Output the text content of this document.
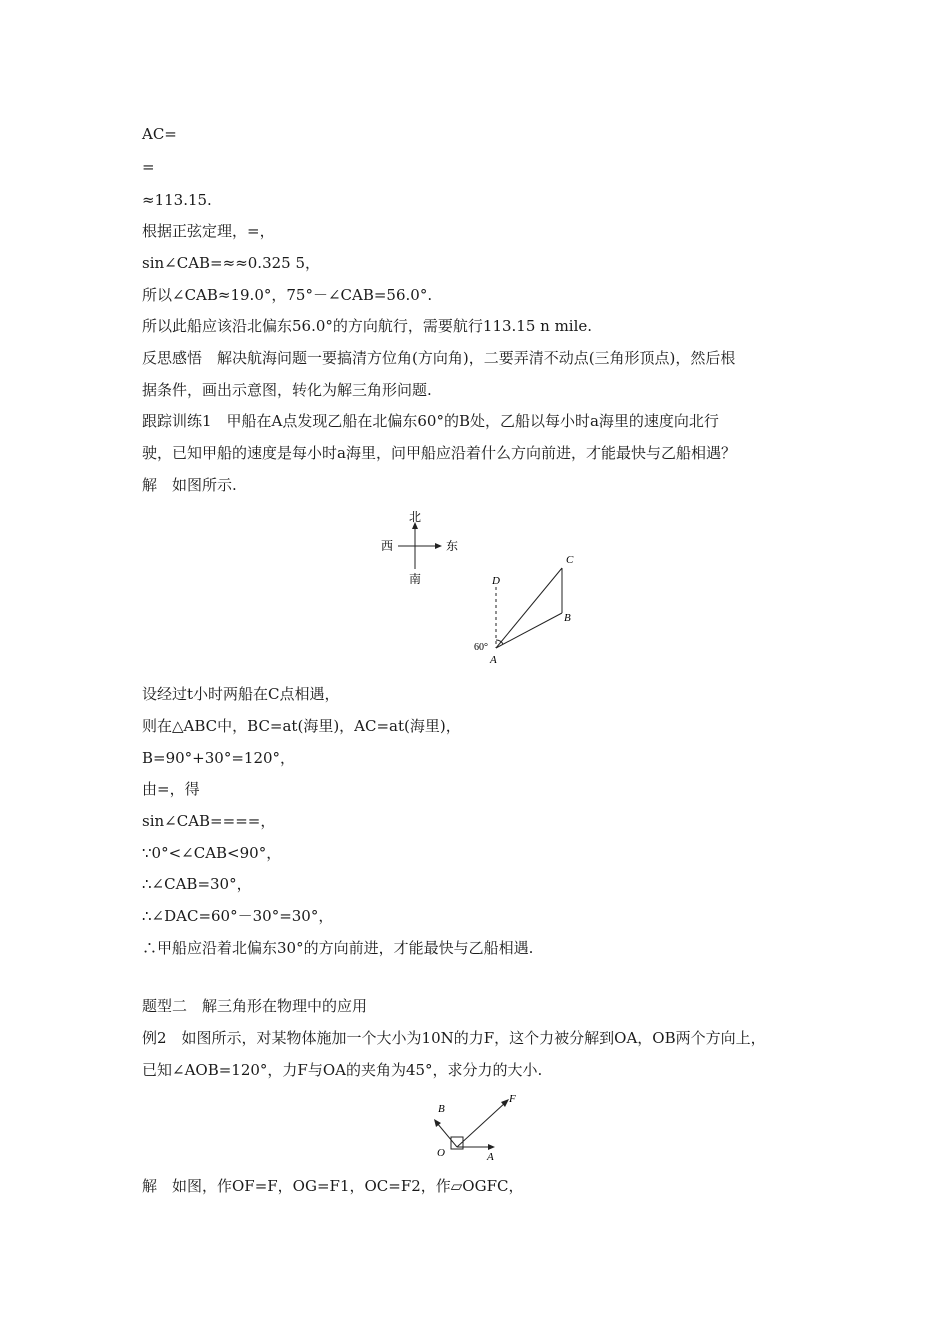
AC=
=
≈113.15.
根据正弦定理，=，
sin∠CAB=≈≈0.325 5，
所以∠CAB≈19.0°，75°－∠CAB=56.0°.
所以此船应该沿北偏东56.0°的方向航行，需要航行113.15 n mile.
反思感悟　解决航海问题一要搞清方位角(方向角)，二要弄清不动点(三角形顶点)，然后根
据条件，画出示意图，转化为解三角形问题.
跟踪训练1　甲船在A点发现乙船在北偏东60°的B处，乙船以每小时a海里的速度向北行
驶，已知甲船的速度是每小时a海里，问甲船应沿着什么方向前进，才能最快与乙船相遇？
解　如图所示.
北
南
东
西
C
B
D
A
60°
设经过t小时两船在C点相遇，
则在△ABC中，BC=at(海里)，AC=at(海里)，
B=90°+30°=120°，
由=，得
sin∠CAB====，
∵0°<∠CAB<90°，
∴∠CAB=30°，
∴∠DAC=60°－30°=30°，
∴甲船应沿着北偏东30°的方向前进，才能最快与乙船相遇.
题型二　解三角形在物理中的应用
例2　如图所示，对某物体施加一个大小为10N的力F，这个力被分解到OA，OB两个方向上，
已知∠AOB=120°，力F与OA的夹角为45°，求分力的大小.
O	A
B
F
解　如图，作OF=F，OG=F1，OC=F2，作▱OGFC，
